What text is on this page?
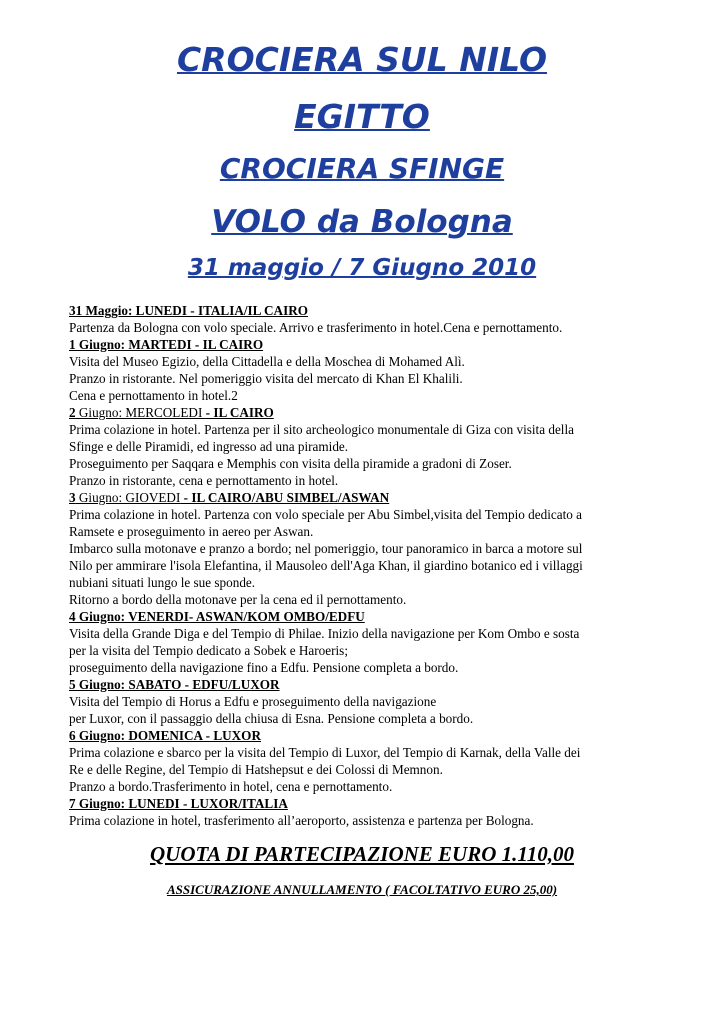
CROCIERA SUL NILO
EGITTO
CROCIERA SFINGE
VOLO da Bologna
31 maggio / 7 Giugno 2010
31 Maggio: LUNEDI - ITALIA/IL CAIRO
Partenza da Bologna con volo speciale. Arrivo e trasferimento in hotel.Cena e pernottamento.
1 Giugno: MARTEDI - IL CAIRO
Visita del Museo Egizio, della Cittadella e della Moschea di Mohamed Alì.
Pranzo in ristorante. Nel pomeriggio visita del mercato di Khan El Khalili.
Cena e pernottamento in hotel.2
2 Giugno: MERCOLEDI - IL CAIRO
Prima colazione in hotel. Partenza per il sito archeologico monumentale di Giza con visita della
Sfinge e delle Piramidi, ed ingresso ad una piramide.
Proseguimento per Saqqara e Memphis con visita della piramide a gradoni di Zoser.
Pranzo in ristorante, cena e pernottamento in hotel.
3 Giugno: GIOVEDI - IL CAIRO/ABU SIMBEL/ASWAN
Prima colazione in hotel. Partenza con volo speciale per Abu Simbel,visita del Tempio dedicato a
Ramsete e proseguimento in aereo per Aswan.
Imbarco sulla motonave e pranzo a bordo; nel pomeriggio, tour panoramico in barca a motore sul
Nilo per ammirare l'isola Elefantina, il Mausoleo dell'Aga Khan, il giardino botanico ed i villaggi
nubiani situati lungo le sue sponde.
Ritorno a bordo della motonave per la cena ed il pernottamento.
4 Giugno: VENERDI- ASWAN/KOM OMBO/EDFU
Visita della Grande Diga e del Tempio di Philae. Inizio della navigazione per Kom Ombo e sosta
per la visita del Tempio dedicato a Sobek e Haroeris;
proseguimento della navigazione fino a Edfu. Pensione completa a bordo.
5 Giugno: SABATO - EDFU/LUXOR
Visita del Tempio di Horus a Edfu e proseguimento della navigazione
per Luxor, con il passaggio della chiusa di Esna. Pensione completa a bordo.
6 Giugno: DOMENICA - LUXOR
Prima colazione e sbarco per la visita del Tempio di Luxor, del Tempio di Karnak, della Valle dei
Re e delle Regine, del Tempio di Hatshepsut e dei Colossi di Memnon.
Pranzo a bordo.Trasferimento in hotel, cena e pernottamento.
7 Giugno: LUNEDI - LUXOR/ITALIA
Prima colazione in hotel, trasferimento all’aeroporto, assistenza e partenza per Bologna.
QUOTA DI PARTECIPAZIONE EURO 1.110,00
ASSICURAZIONE ANNULLAMENTO ( FACOLTATIVO EURO 25,00)
